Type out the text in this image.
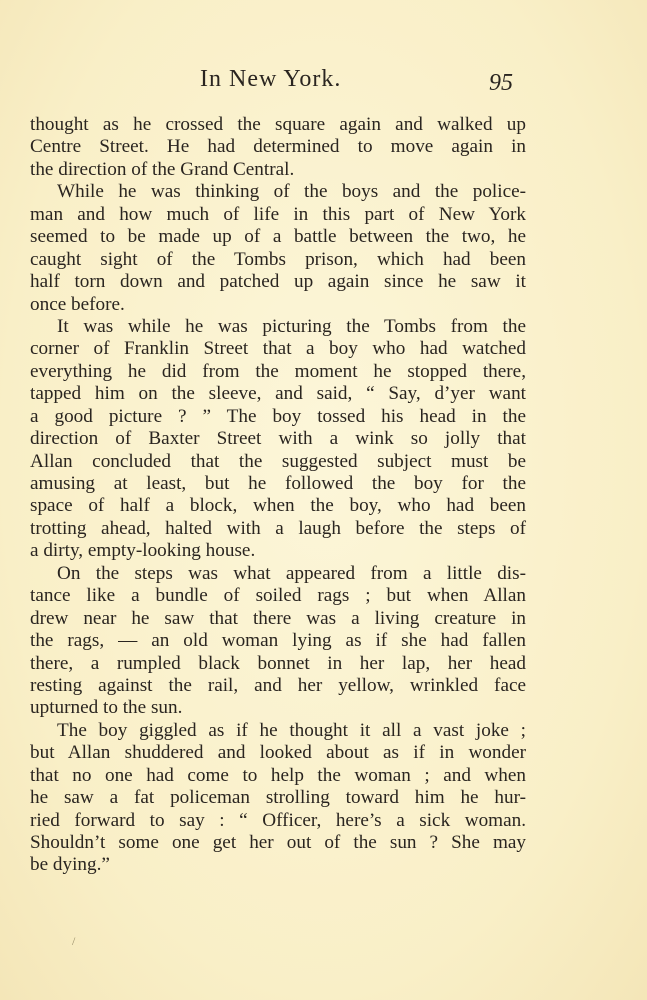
In New York.	95
thought as he crossed the square again and walked up
Centre Street. He had determined to move again in
the direction of the Grand Central.
While he was thinking of the boys and the police-
man and how much of life in this part of New York
seemed to be made up of a battle between the two, he
caught sight of the Tombs prison, which had been
half torn down and patched up again since he saw it
once before.
It was while he was picturing the Tombs from the
corner of Franklin Street that a boy who had watched
everything he did from the moment he stopped there,
tapped him on the sleeve, and said, “ Say, d’yer want
a good picture ? ” The boy tossed his head in the
direction of Baxter Street with a wink so jolly that
Allan concluded that the suggested subject must be
amusing at least, but he followed the boy for the
space of half a block, when the boy, who had been
trotting ahead, halted with a laugh before the steps of
a dirty, empty-looking house.
On the steps was what appeared from a little dis-
tance like a bundle of soiled rags ; but when Allan
drew near he saw that there was a living creature in
the rags, — an old woman lying as if she had fallen
there, a rumpled black bonnet in her lap, her head
resting against the rail, and her yellow, wrinkled face
upturned to the sun.
The boy giggled as if he thought it all a vast joke ;
but Allan shuddered and looked about as if in wonder
that no one had come to help the woman ; and when
he saw a fat policeman strolling toward him he hur-
ried forward to say : “ Officer, here’s a sick woman.
Shouldn’t some one get her out of the sun ? She may
be dying.”
/
